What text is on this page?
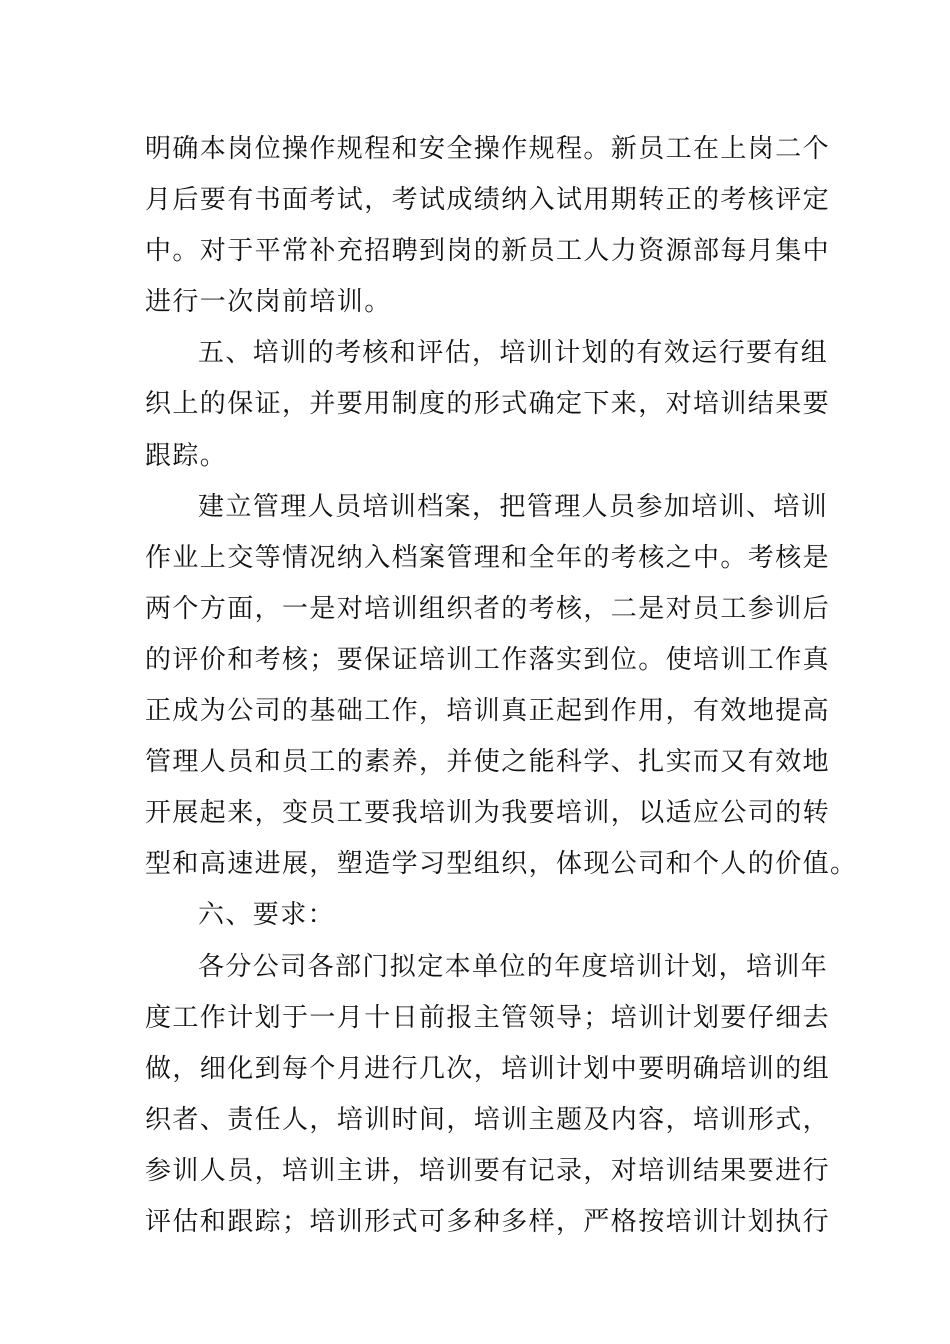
明确本岗位操作规程和安全操作规程。新员工在上岗二个
月后要有书面考试，考试成绩纳入试用期转正的考核评定
中。对于平常补充招聘到岗的新员工人力资源部每月集中
进行一次岗前培训。
五、培训的考核和评估，培训计划的有效运行要有组
织上的保证，并要用制度的形式确定下来，对培训结果要
跟踪。
建立管理人员培训档案，把管理人员参加培训、培训
作业上交等情况纳入档案管理和全年的考核之中。考核是
两个方面，一是对培训组织者的考核，二是对员工参训后
的评价和考核；要保证培训工作落实到位。使培训工作真
正成为公司的基础工作，培训真正起到作用，有效地提高
管理人员和员工的素养，并使之能科学、扎实而又有效地
开展起来，变员工要我培训为我要培训，以适应公司的转
型和高速进展，塑造学习型组织，体现公司和个人的价值。
六、要求：
各分公司各部门拟定本单位的年度培训计划，培训年
度工作计划于一月十日前报主管领导；培训计划要仔细去
做，细化到每个月进行几次，培训计划中要明确培训的组
织者、责任人，培训时间，培训主题及内容，培训形式，
参训人员，培训主讲，培训要有记录，对培训结果要进行
评估和跟踪；培训形式可多种多样，严格按培训计划执行
